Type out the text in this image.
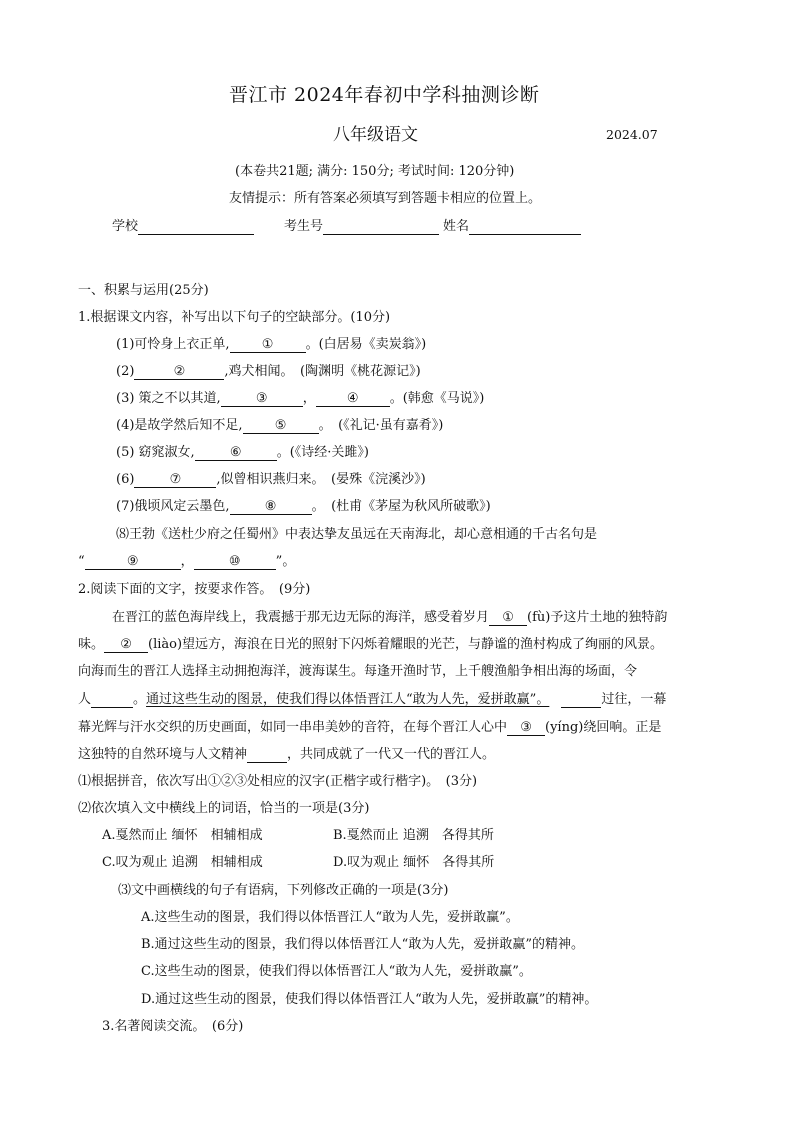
晋江市 2024年春初中学科抽测诊断
八年级语文	2024.07
(本卷共21题; 满分: 150分; 考试时间: 120分钟)
友情提示：所有答案必须填写到答题卡相应的位置上。
学校	考生号	姓名
一、积累与运用(25分)
1.根据课文内容，补写出以下句子的空缺部分。(10分)
(1)可怜身上衣正单, ① 。(白居易《卖炭翁》)
(2)	②	,鸡犬相闻。　(陶渊明《桃花源记》)
(3) 策之不以其道,	③	， ④ 。(韩愈《马说》)
(4)是故学然后知不足, ⑤ 。　(《礼记·虽有嘉肴》)
(5) 窈窕淑女,	⑥	。(《诗经·关雎》)
(6)	⑦	,似曾相识燕归来。　(晏殊《浣溪沙》)
(7)俄顷风定云墨色,	⑧	。　(杜甫《茅屋为秋风所破歌》)
⑻王勃《送杜少府之任蜀州》中表达挚友虽远在天南海北，却心意相通的千古名句是
“	⑨	，	⑩	”。
2.阅读下面的文字，按要求作答。　(9分)
在晋江的蓝色海岸线上，我震撼于那无边无际的海洋，感受着岁月 ① (fù)予这片土地的独特韵
味。 ② (liào)望远方，海浪在日光的照射下闪烁着耀眼的光芒，与静谧的渔村构成了绚丽的风景。
向海而生的晋江人选择主动拥抱海洋，渡海谋生。每逢开渔时节，上千艘渔船争相出海的场面，令
人	。通过这些生动的图景，使我们得以体悟晋江人“敢为人先，爱拼敢赢”。	过往，一幕
幕光辉与汗水交织的历史画面，如同一串串美妙的音符，在每个晋江人心中 ③ (yíng)绕回响。正是
这独特的自然环境与人文精神	，共同成就了一代又一代的晋江人。
⑴根据拼音，依次写出①②③处相应的汉字(正楷字或行楷字)。　(3分)
⑵依次填入文中横线上的词语，恰当的一项是(3分)
A.戛然而止 缅怀　相辅相成	B.戛然而止 追溯　各得其所
C.叹为观止 追溯　相辅相成	D.叹为观止 缅怀　各得其所
⑶文中画横线的句子有语病，下列修改正确的一项是(3分)
A.这些生动的图景，我们得以体悟晋江人“敢为人先，爱拼敢赢”。
B.通过这些生动的图景，我们得以体悟晋江人“敢为人先，爱拼敢赢”的精神。
C.这些生动的图景，使我们得以体悟晋江人“敢为人先，爱拼敢赢”。
D.通过这些生动的图景，使我们得以体悟晋江人“敢为人先，爱拼敢赢”的精神。
3.名著阅读交流。　(6分)
